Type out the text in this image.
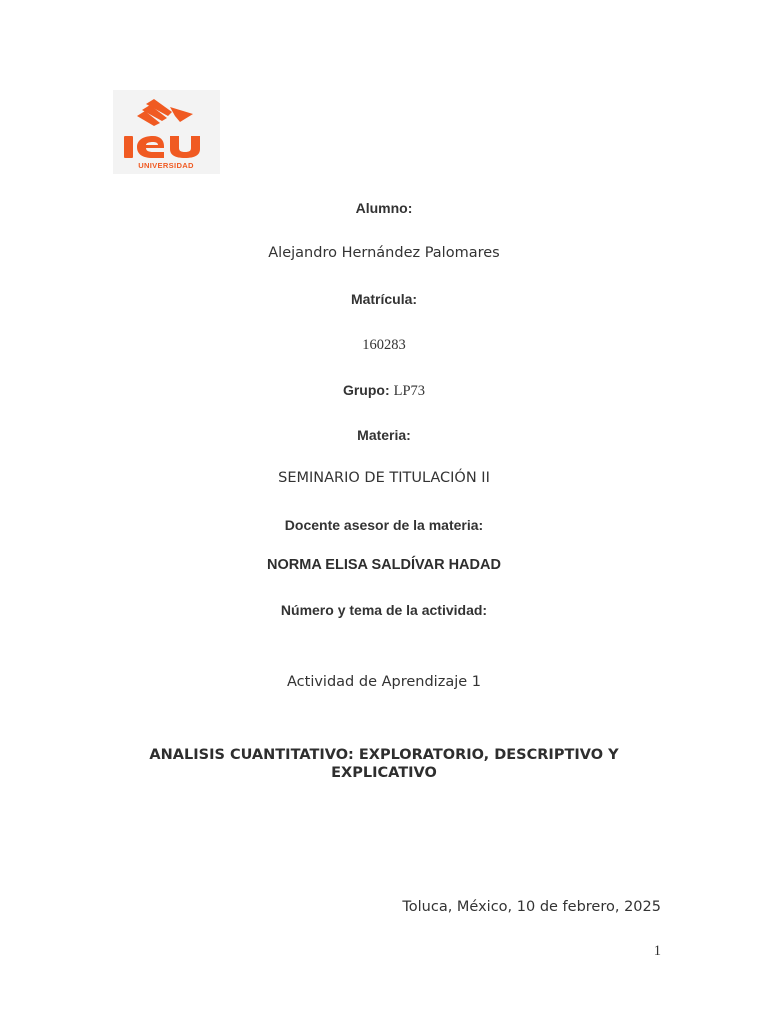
UNIVERSIDAD

Alumno:

Alejandro Hernández Palomares

Matrícula:

160283

Grupo: LP73

Materia:

SEMINARIO DE TITULACIÓN II

Docente asesor de la materia:

NORMA ELISA SALDÍVAR HADAD

Número y tema de la actividad:

Actividad de Aprendizaje 1

ANALISIS CUANTITATIVO: EXPLORATORIO, DESCRIPTIVO Y EXPLICATIVO

Toluca, México, 10 de febrero, 2025
1
